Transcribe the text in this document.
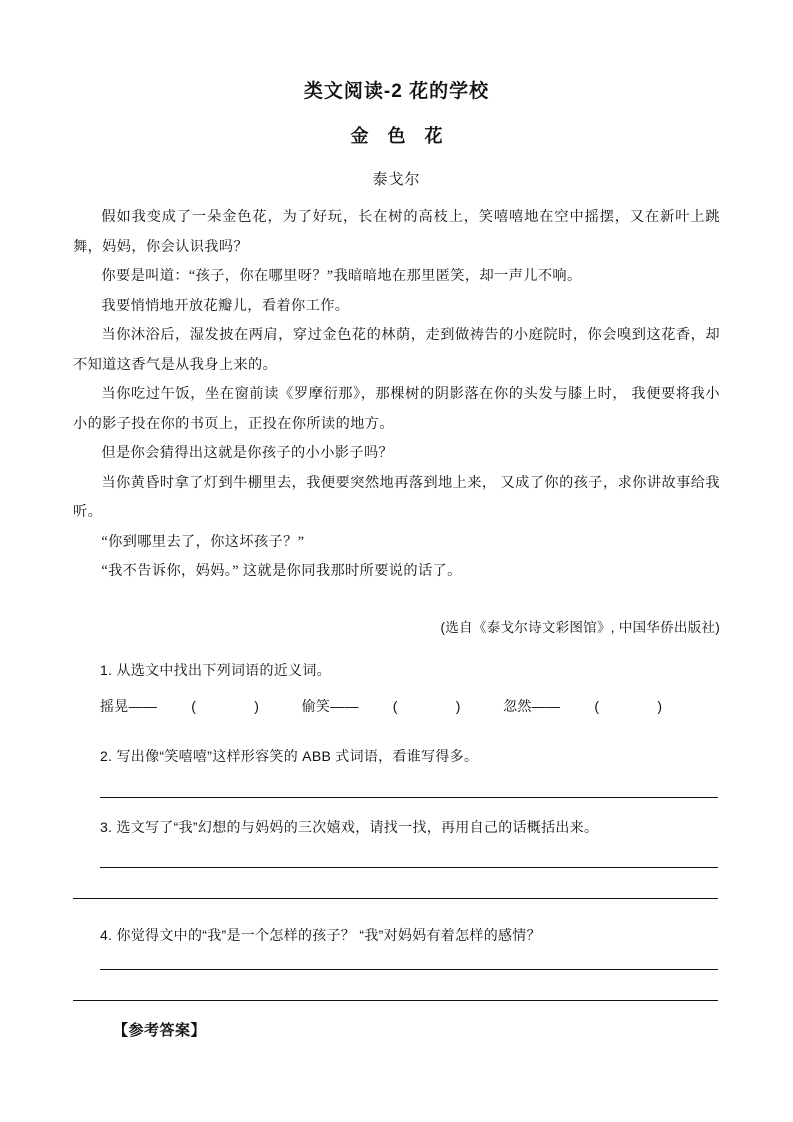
类文阅读-2 花的学校
金 色 花
泰戈尔

假如我变成了一朵金色花，为了好玩，长在树的高枝上，笑嘻嘻地在空中摇摆，又在新叶上跳舞，妈妈，你会认识我吗？

你要是叫道：“孩子，你在哪里呀？”我暗暗地在那里匿笑，却一声儿不响。

我要悄悄地开放花瓣儿，看着你工作。

当你沐浴后，湿发披在两肩，穿过金色花的林荫，走到做祷告的小庭院时，你会嗅到这花香，却不知道这香气是从我身上来的。

当你吃过午饭，坐在窗前读《罗摩衍那》，那棵树的阴影落在你的头发与膝上时， 我便要将我小小的影子投在你的书页上，正投在你所读的地方。

但是你会猜得出这就是你孩子的小小影子吗？

当你黄昏时拿了灯到牛棚里去，我便要突然地再落到地上来， 又成了你的孩子，求你讲故事给我听。

“你到哪里去了，你这坏孩子？”

“我不告诉你，妈妈。” 这就是你同我那时所要说的话了。

(选自《泰戈尔诗文彩图馆》, 中国华侨出版社)

1. 从选文中找出下列词语的近义词。
摇晃—— (	)	偷笑—— (	)	忽然—— (	)
2. 写出像“笑嘻嘻”这样形容笑的 ABB 式词语，看谁写得多。
3. 选文写了“我”幻想的与妈妈的三次嬉戏，请找一找，再用自己的话概括出来。
4. 你觉得文中的“我”是一个怎样的孩子？ “我”对妈妈有着怎样的感情？
【参考答案】
